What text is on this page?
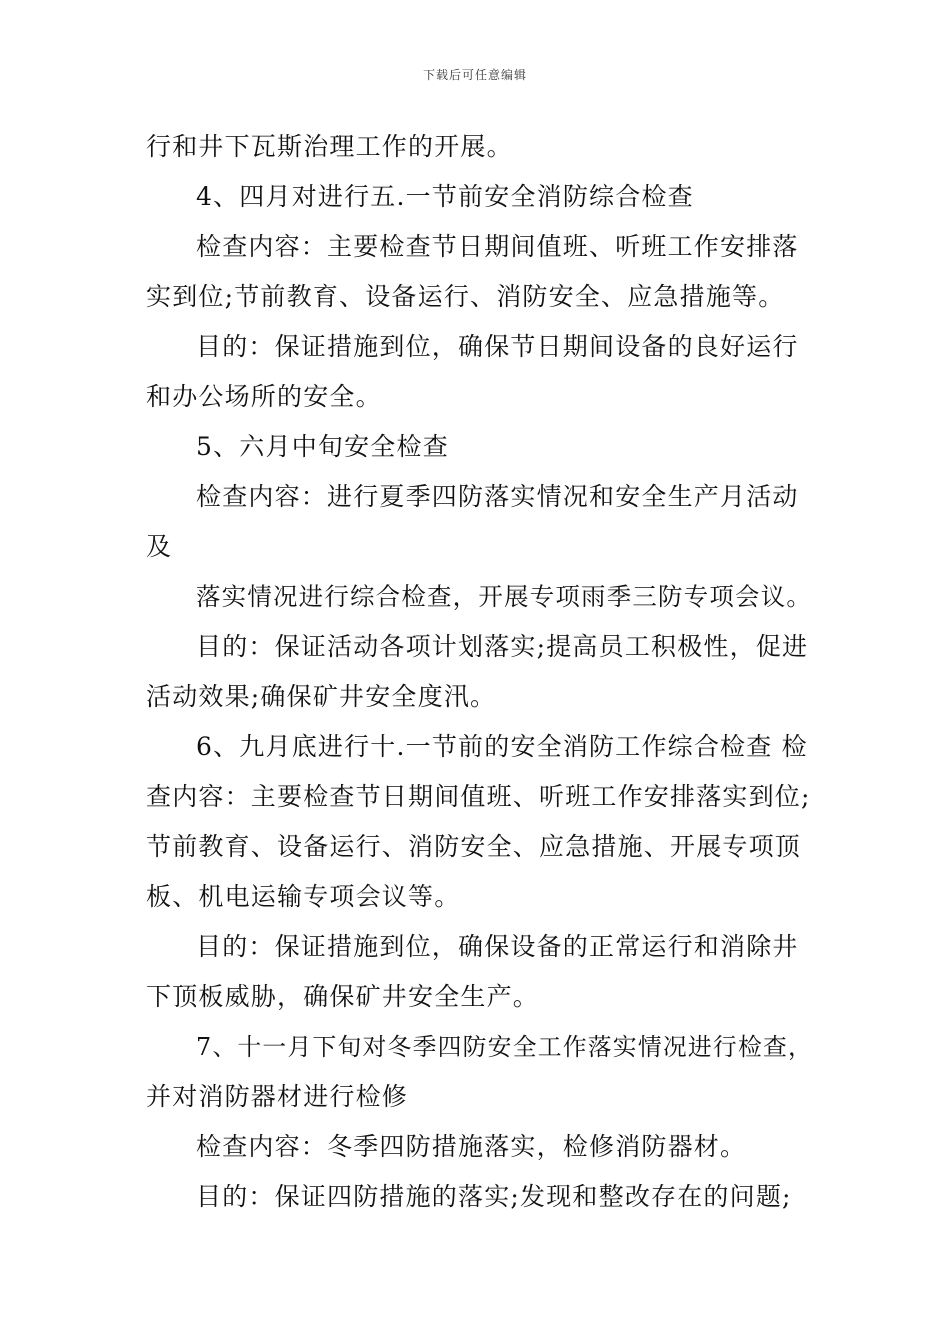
下载后可任意编辑
行和井下瓦斯治理工作的开展。
4、四月对进行五.一节前安全消防综合检查
检查内容：主要检查节日期间值班、听班工作安排落
实到位;节前教育、设备运行、消防安全、应急措施等。
目的：保证措施到位，确保节日期间设备的良好运行
和办公场所的安全。
5、六月中旬安全检查
检查内容：进行夏季四防落实情况和安全生产月活动
及
落实情况进行综合检查，开展专项雨季三防专项会议。
目的：保证活动各项计划落实;提高员工积极性，促进
活动效果;确保矿井安全度汛。
6、九月底进行十.一节前的安全消防工作综合检查 检
查内容：主要检查节日期间值班、听班工作安排落实到位;
节前教育、设备运行、消防安全、应急措施、开展专项顶
板、机电运输专项会议等。
目的：保证措施到位，确保设备的正常运行和消除井
下顶板威胁，确保矿井安全生产。
7、十一月下旬对冬季四防安全工作落实情况进行检查，
并对消防器材进行检修
检查内容：冬季四防措施落实，检修消防器材。
目的：保证四防措施的落实;发现和整改存在的问题;
